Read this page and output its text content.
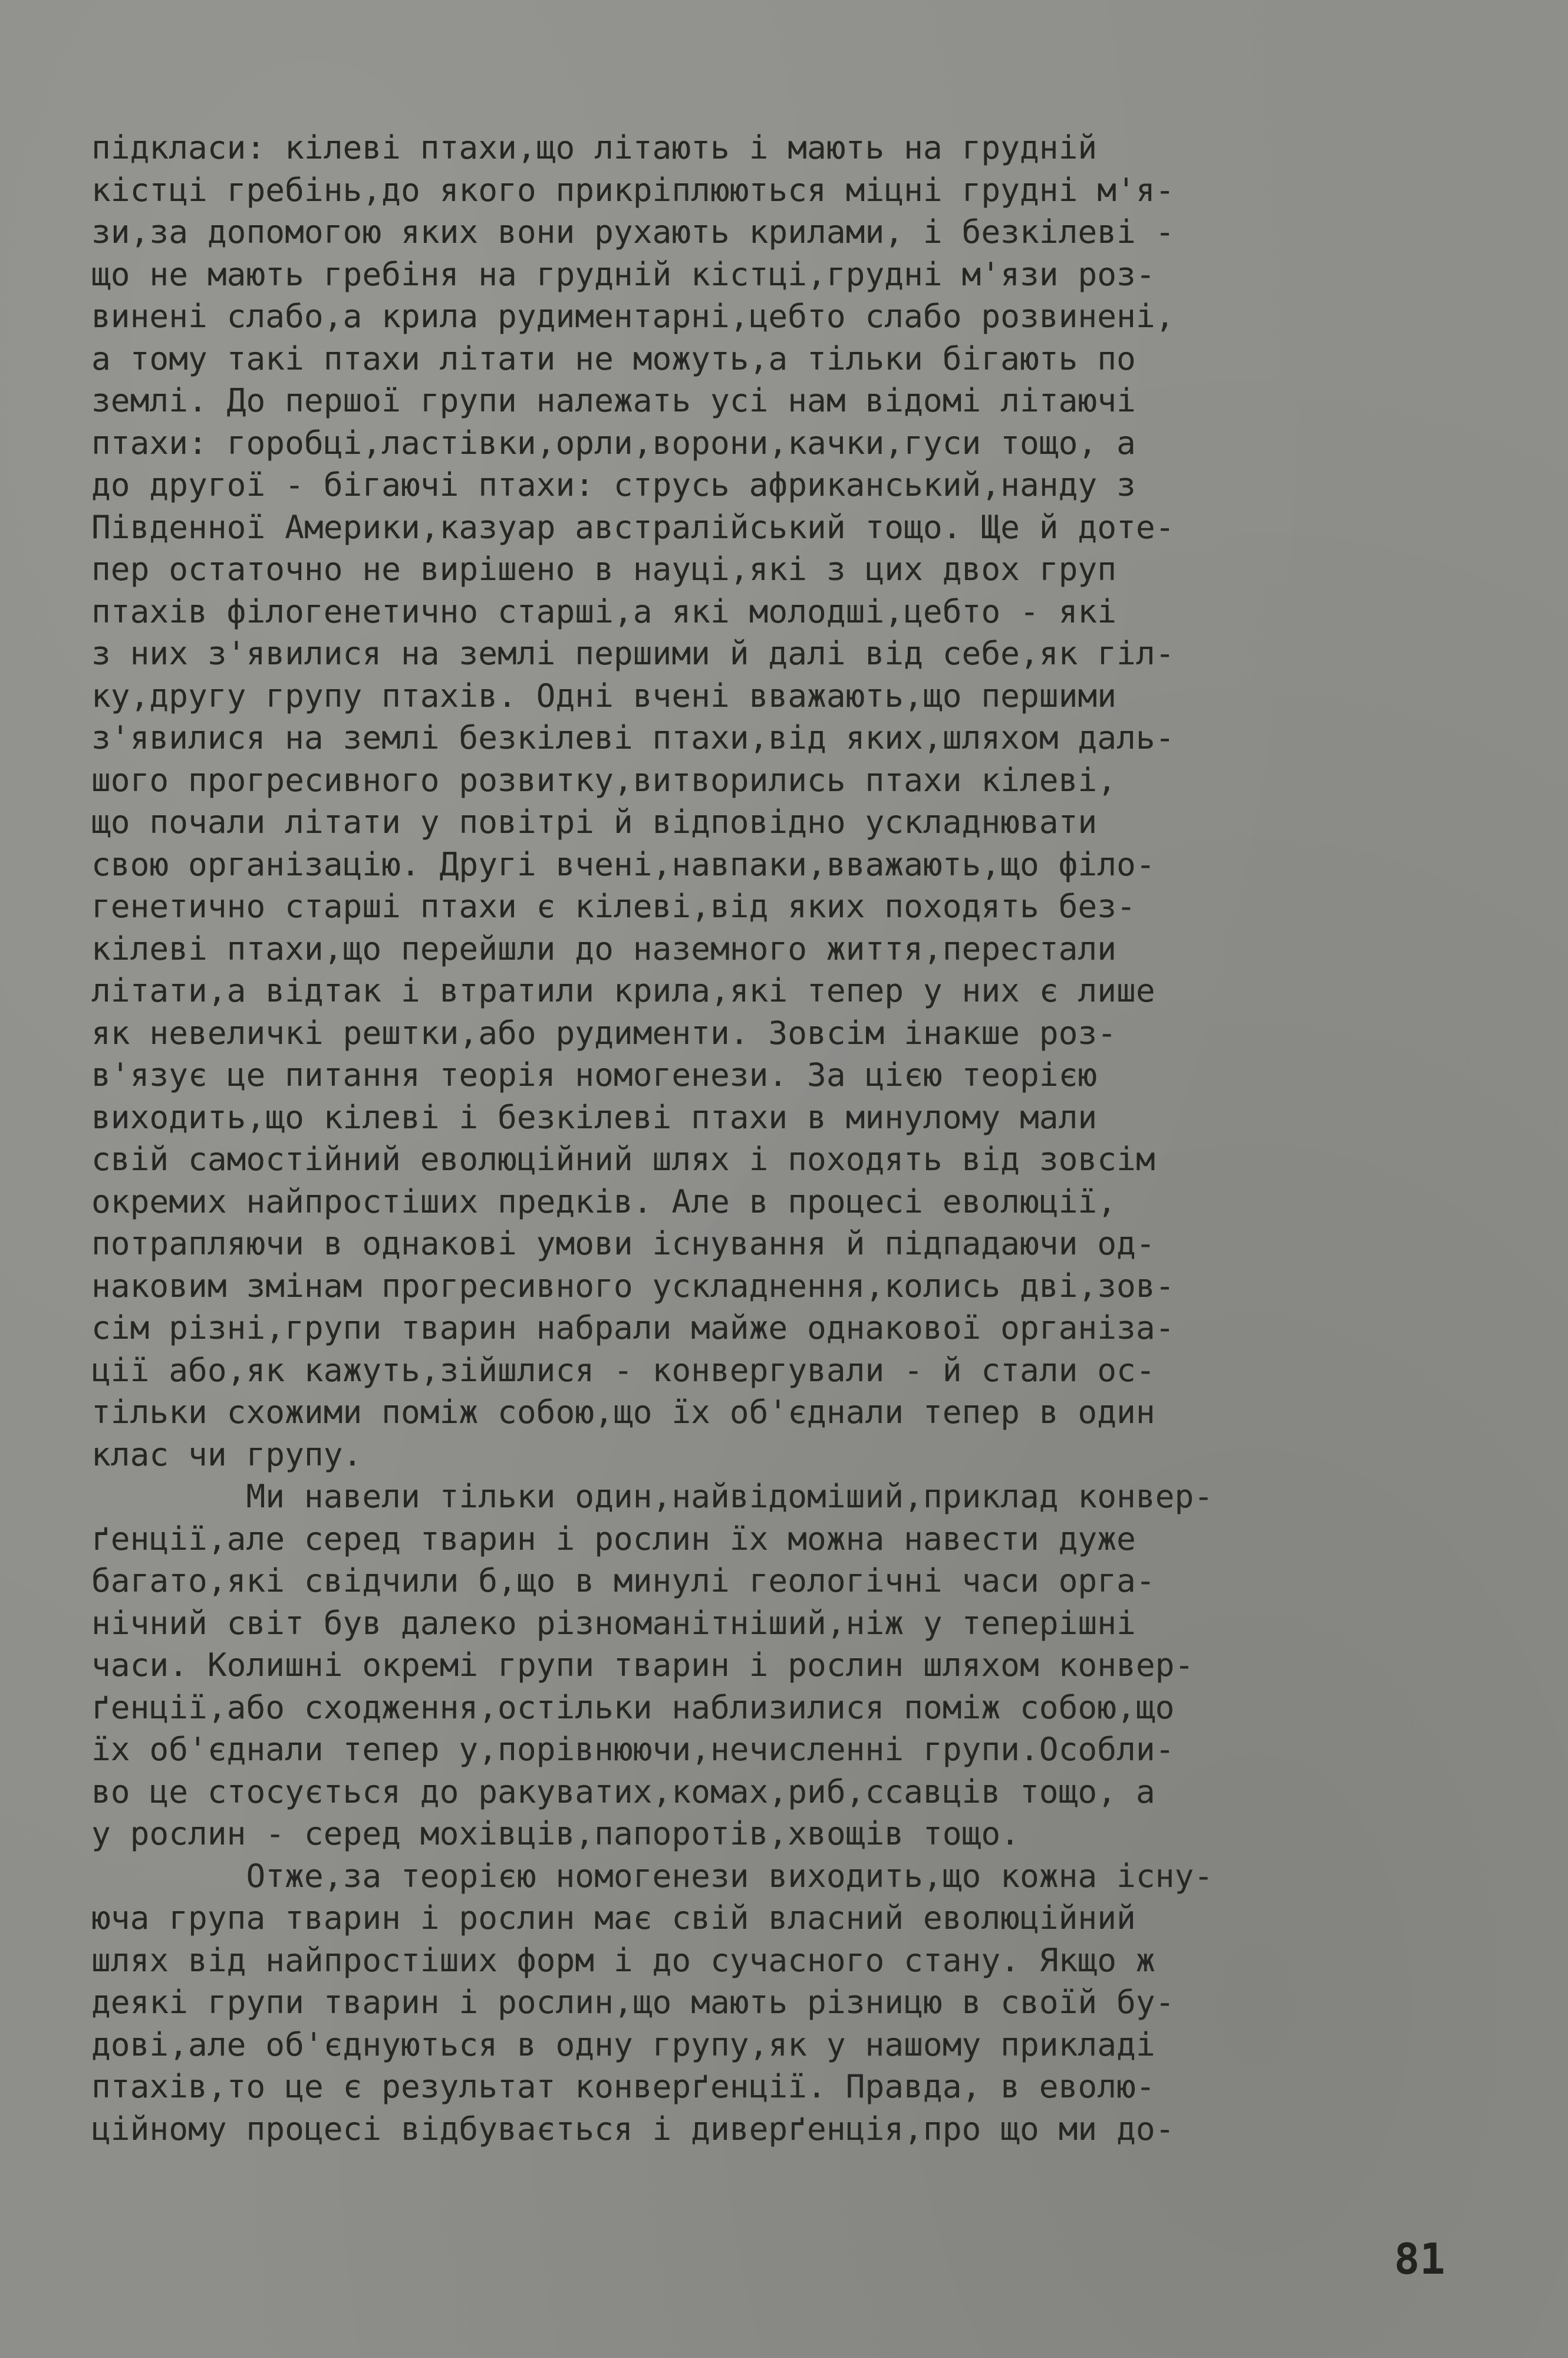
підкласи: кілеві птахи,що літають і мають на грудній
кістці гребінь,до якого прикріплюються міцні грудні м'я-
зи,за допомогою яких вони рухають крилами, і безкілеві -
що не мають гребіня на грудній кістці,грудні м'язи роз-
винені слабо,а крила рудиментарні,цебто слабо розвинені,
а тому такі птахи літати не можуть,а тільки бігають по
землі. До першої групи належать усі нам відомі літаючі
птахи: горобці,ластівки,орли,ворони,качки,гуси тощо, а
до другої - бігаючі птахи: струсь африканський,нанду з
Південної Америки,казуар австралійський тощо. Ще й доте-
пер остаточно не вирішено в науці,які з цих двох груп
птахів філогенетично старші,а які молодші,цебто - які
з них з'явилися на землі першими й далі від себе,як гіл-
ку,другу групу птахів. Одні вчені вважають,що першими
з'явилися на землі безкілеві птахи,від яких,шляхом даль-
шого прогресивного розвитку,витворились птахи кілеві,
що почали літати у повітрі й відповідно ускладнювати
свою організацію. Другі вчені,навпаки,вважають,що філо-
генетично старші птахи є кілеві,від яких походять без-
кілеві птахи,що перейшли до наземного життя,перестали
літати,а відтак і втратили крила,які тепер у них є лише
як невеличкі рештки,або рудименти. Зовсім інакше роз-
в'язує це питання теорія номогенези. За цією теорією
виходить,що кілеві і безкілеві птахи в минулому мали
свій самостійний еволюційний шлях і походять від зовсім
окремих найпростіших предків. Але в процесі еволюції,
потрапляючи в однакові умови існування й підпадаючи од-
наковим змінам прогресивного ускладнення,колись дві,зов-
сім різні,групи тварин набрали майже однакової організа-
ції або,як кажуть,зійшлися - конвергували - й стали ос-
тільки схожими поміж собою,що їх об'єднали тепер в один
клас чи групу.
Ми навели тільки один,найвідоміший,приклад конвер-
ґенції,але серед тварин і рослин їх можна навести дуже
багато,які свідчили б,що в минулі геологічні часи орга-
нічний світ був далеко різноманітніший,ніж у теперішні
часи. Колишні окремі групи тварин і рослин шляхом конвер-
ґенції,або сходження,остільки наблизилися поміж собою,що
їх об'єднали тепер у,порівнюючи,нечисленні групи.Особли-
во це стосується до ракуватих,комах,риб,ссавців тощо, а
у рослин - серед мохівців,папоротів,хвощів тощо.
Отже,за теорією номогенези виходить,що кожна існу-
юча група тварин і рослин має свій власний еволюційний
шлях від найпростіших форм і до сучасного стану. Якщо ж
деякі групи тварин і рослин,що мають різницю в своїй бу-
дові,але об'єднуються в одну групу,як у нашому прикладі
птахів,то це є результат конверґенції. Правда, в еволю-
ційному процесі відбувається і диверґенція,про що ми до-
81
